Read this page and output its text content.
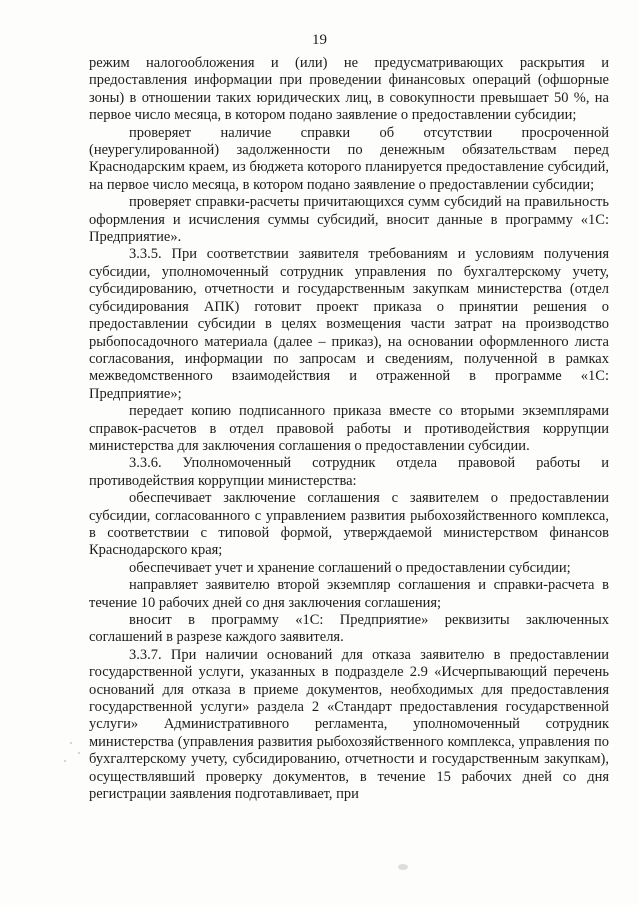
19

режим налогообложения и (или) не предусматривающих раскрытия и предоставления информации при проведении финансовых операций (офшорные зоны) в отношении таких юридических лиц, в совокупности превышает 50 %, на первое число месяца, в котором подано заявление о предоставлении субсидии;

проверяет наличие справки об отсутствии просроченной (неурегулированной) задолженности по денежным обязательствам перед Краснодарским краем, из бюджета которого планируется предоставление субсидий, на первое число месяца, в котором подано заявление о предоставлении субсидии;

проверяет справки-расчеты причитающихся сумм субсидий на правильность оформления и исчисления суммы субсидий, вносит данные в программу «1С: Предприятие».

3.3.5. При соответствии заявителя требованиям и условиям получения субсидии, уполномоченный сотрудник управления по бухгалтерскому учету, субсидированию, отчетности и государственным закупкам министерства (отдел субсидирования АПК) готовит проект приказа о принятии решения о предоставлении субсидии в целях возмещения части затрат на производство рыбопосадочного материала (далее – приказ), на основании оформленного листа согласования, информации по запросам и сведениям, полученной в рамках межведомственного взаимодействия и отраженной в программе «1С: Предприятие»;

передает копию подписанного приказа вместе со вторыми экземплярами справок-расчетов в отдел правовой работы и противодействия коррупции министерства для заключения соглашения о предоставлении субсидии.

3.3.6. Уполномоченный сотрудник отдела правовой работы и противодействия коррупции министерства:

обеспечивает заключение соглашения с заявителем о предоставлении субсидии, согласованного с управлением развития рыбохозяйственного комплекса, в соответствии с типовой формой, утверждаемой министерством финансов Краснодарского края;

обеспечивает учет и хранение соглашений о предоставлении субсидии;

направляет заявителю второй экземпляр соглашения и справки-расчета в течение 10 рабочих дней со дня заключения соглашения;

вносит в программу «1С: Предприятие» реквизиты заключенных соглашений в разрезе каждого заявителя.

3.3.7. При наличии оснований для отказа заявителю в предоставлении государственной услуги, указанных в подразделе 2.9 «Исчерпывающий перечень оснований для отказа в приеме документов, необходимых для предоставления государственной услуги» раздела 2 «Стандарт предоставления государственной услуги» Административного регламента, уполномоченный сотрудник министерства (управления развития рыбохозяйственного комплекса, управления по бухгалтерскому учету, субсидированию, отчетности и государственным закупкам), осуществлявший проверку документов, в течение 15 рабочих дней со дня регистрации заявления подготавливает, при
